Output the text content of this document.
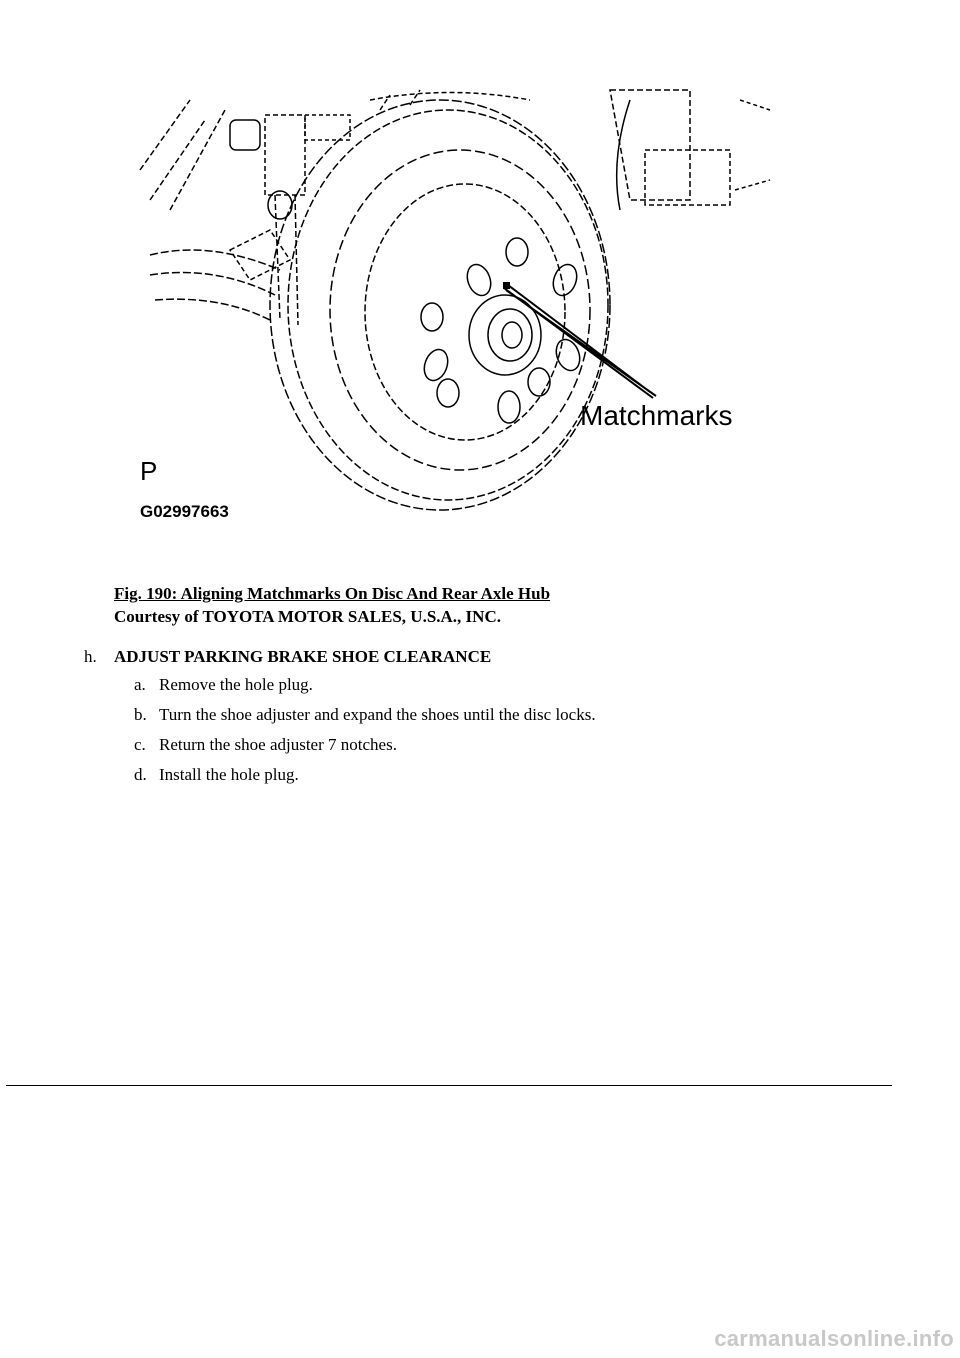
Matchmarks
P
G02997663
Fig. 190: Aligning Matchmarks On Disc And Rear Axle Hub
Courtesy of TOYOTA MOTOR SALES, U.S.A., INC.
h. ADJUST PARKING BRAKE SHOE CLEARANCE
a. Remove the hole plug.
b. Turn the shoe adjuster and expand the shoes until the disc locks.
c. Return the shoe adjuster 7 notches.
d. Install the hole plug.
carmanualsonline.info
